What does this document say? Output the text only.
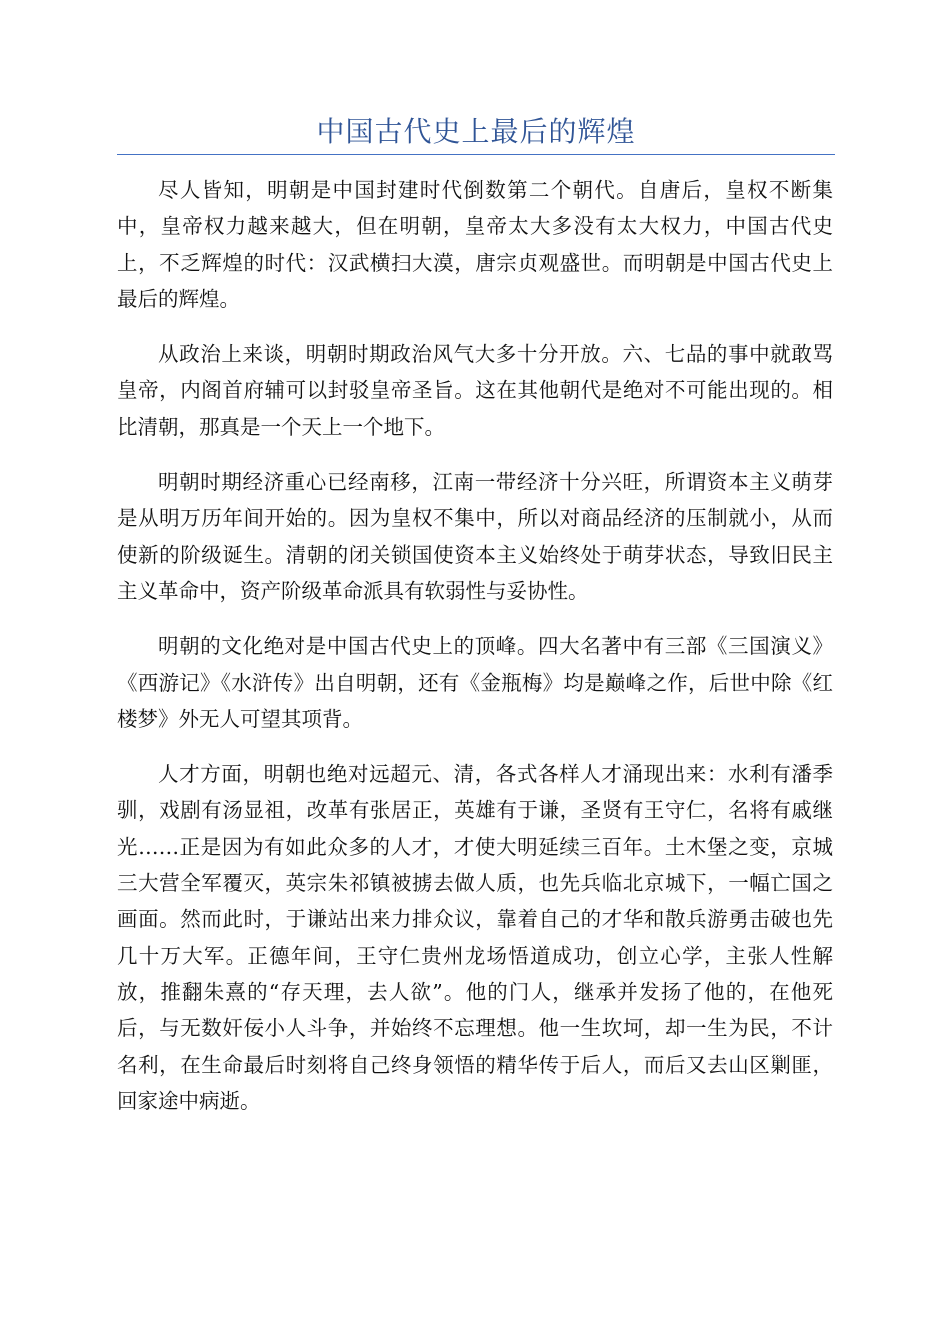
中国古代史上最后的辉煌

尽人皆知，明朝是中国封建时代倒数第二个朝代。自唐后，皇权不断集中，皇帝权力越来越大，但在明朝，皇帝太大多没有太大权力，中国古代史上，不乏辉煌的时代：汉武横扫大漠，唐宗贞观盛世。而明朝是中国古代史上最后的辉煌。

从政治上来谈，明朝时期政治风气大多十分开放。六、七品的事中就敢骂皇帝，内阁首府辅可以封驳皇帝圣旨。这在其他朝代是绝对不可能出现的。相比清朝，那真是一个天上一个地下。

明朝时期经济重心已经南移，江南一带经济十分兴旺，所谓资本主义萌芽是从明万历年间开始的。因为皇权不集中，所以对商品经济的压制就小，从而使新的阶级诞生。清朝的闭关锁国使资本主义始终处于萌芽状态，导致旧民主主义革命中，资产阶级革命派具有软弱性与妥协性。

明朝的文化绝对是中国古代史上的顶峰。四大名著中有三部《三国演义》《西游记》《水浒传》出自明朝，还有《金瓶梅》均是巅峰之作，后世中除《红楼梦》外无人可望其项背。

人才方面，明朝也绝对远超元、清，各式各样人才涌现出来：水利有潘季驯，戏剧有汤显祖，改革有张居正，英雄有于谦，圣贤有王守仁，名将有戚继光……正是因为有如此众多的人才，才使大明延续三百年。土木堡之变，京城三大营全军覆灭，英宗朱祁镇被掳去做人质，也先兵临北京城下，一幅亡国之画面。然而此时，于谦站出来力排众议，靠着自己的才华和散兵游勇击破也先几十万大军。正德年间，王守仁贵州龙场悟道成功，创立心学，主张人性解放，推翻朱熹的“存天理，去人欲”。他的门人，继承并发扬了他的，在他死后，与无数奸佞小人斗争，并始终不忘理想。他一生坎坷，却一生为民，不计名利，在生命最后时刻将自己终身领悟的精华传于后人，而后又去山区剿匪，回家途中病逝。
